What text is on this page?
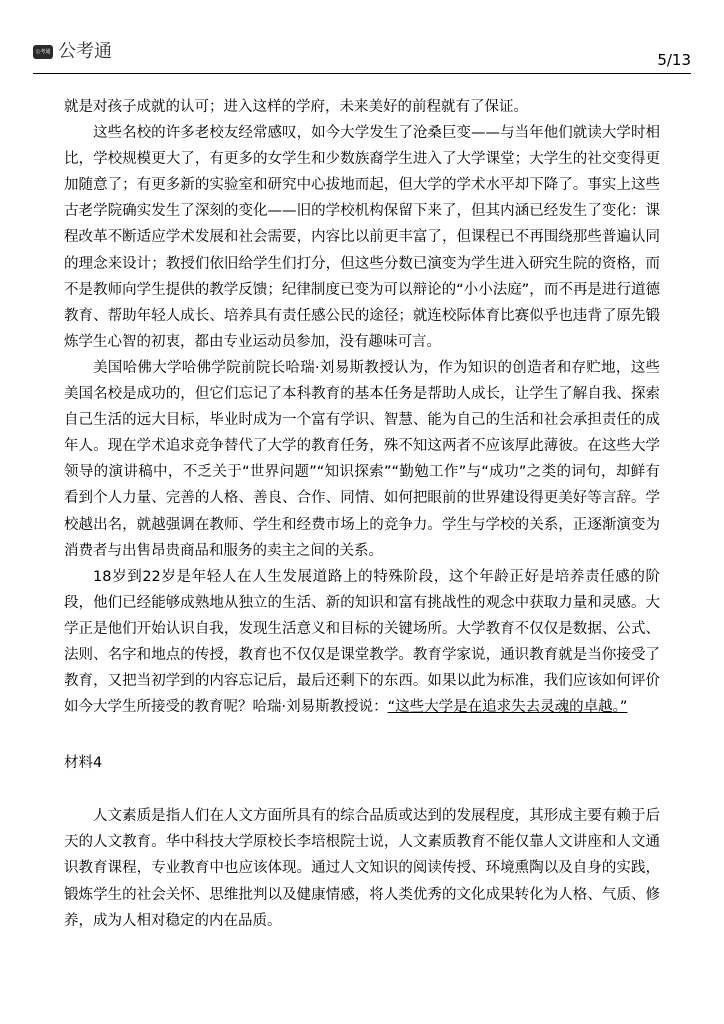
公考通 公考通	5/13

就是对孩子成就的认可；进入这样的学府，未来美好的前程就有了保证。

这些名校的许多老校友经常感叹，如今大学发生了沧桑巨变——与当年他们就读大学时相比，学校规模更大了，有更多的女学生和少数族裔学生进入了大学课堂；大学生的社交变得更加随意了；有更多新的实验室和研究中心拔地而起，但大学的学术水平却下降了。事实上这些古老学院确实发生了深刻的变化——旧的学校机构保留下来了，但其内涵已经发生了变化：课程改革不断适应学术发展和社会需要，内容比以前更丰富了，但课程已不再围绕那些普遍认同的理念来设计；教授们依旧给学生们打分，但这些分数已演变为学生进入研究生院的资格，而不是教师向学生提供的教学反馈；纪律制度已变为可以辩论的“小小法庭”，而不再是进行道德教育、帮助年轻人成长、培养具有责任感公民的途径；就连校际体育比赛似乎也违背了原先锻炼学生心智的初衷，都由专业运动员参加，没有趣味可言。

美国哈佛大学哈佛学院前院长哈瑞·刘易斯教授认为，作为知识的创造者和存贮地，这些美国名校是成功的，但它们忘记了本科教育的基本任务是帮助人成长，让学生了解自我、探索自己生活的远大目标，毕业时成为一个富有学识、智慧、能为自己的生活和社会承担责任的成年人。现在学术追求竞争替代了大学的教育任务，殊不知这两者不应该厚此薄彼。在这些大学领导的演讲稿中，不乏关于“世界问题”“知识探索”“勤勉工作”与“成功”之类的词句，却鲜有看到个人力量、完善的人格、善良、合作、同情、如何把眼前的世界建设得更美好等言辞。学校越出名，就越强调在教师、学生和经费市场上的竞争力。学生与学校的关系，正逐渐演变为消费者与出售昂贵商品和服务的卖主之间的关系。

18岁到22岁是年轻人在人生发展道路上的特殊阶段，这个年龄正好是培养责任感的阶段，他们已经能够成熟地从独立的生活、新的知识和富有挑战性的观念中获取力量和灵感。大学正是他们开始认识自我，发现生活意义和目标的关键场所。大学教育不仅仅是数据、公式、法则、名字和地点的传授，教育也不仅仅是课堂教学。教育学家说，通识教育就是当你接受了教育，又把当初学到的内容忘记后，最后还剩下的东西。如果以此为标准，我们应该如何评价如今大学生所接受的教育呢？哈瑞·刘易斯教授说：“这些大学是在追求失去灵魂的卓越。”

材料4

人文素质是指人们在人文方面所具有的综合品质或达到的发展程度，其形成主要有赖于后天的人文教育。华中科技大学原校长李培根院士说，人文素质教育不能仅靠人文讲座和人文通识教育课程，专业教育中也应该体现。通过人文知识的阅读传授、环境熏陶以及自身的实践，锻炼学生的社会关怀、思维批判以及健康情感，将人类优秀的文化成果转化为人格、气质、修养，成为人相对稳定的内在品质。
